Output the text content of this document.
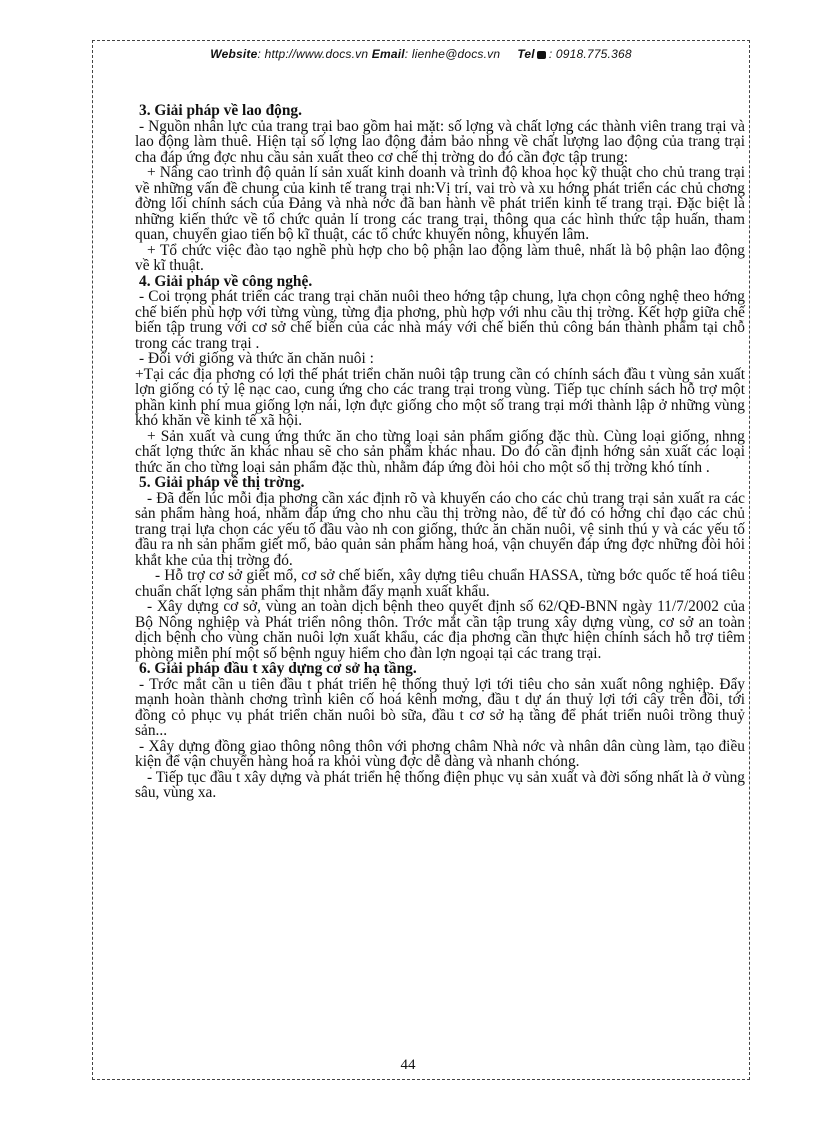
Website: http://www.docs.vn Email: lienhe@docs.vn Tel : 0918.775.368

3. Giải pháp về lao động.

- Nguồn nhân lực của trang trại bao gồm hai mặt: số lợng và chất lợng các thành viên trang trại và lao động làm thuê. Hiện tại số lợng lao động đảm bảo nhng về chất lượng lao động của trang trại cha đáp ứng đợc nhu cầu sản xuất theo cơ chế thị trờng do đó cần đợc tập trung:

+ Nâng cao trình độ quản lí sản xuất kinh doanh và trình độ khoa học kỹ thuật cho chủ trang trại về những vấn đề chung của kinh tế trang trại nh:Vị trí, vai trò và xu hớng phát triển các chủ chơng đờng lối chính sách của Đảng và nhà nớc đã ban hành về phát triển kinh tế trang trại. Đặc biệt là những kiến thức về tổ chức quản lí trong các trang trại, thông qua các hình thức tập huấn, tham quan, chuyển giao tiến bộ kĩ thuật, các tổ chức khuyến nông, khuyến lâm.

+ Tổ chức việc đào tạo nghề phù hợp cho bộ phận lao động làm thuê, nhất là bộ phận lao động về kĩ thuật.

4. Giải pháp về công nghệ.

- Coi trọng phát triển các trang trại chăn nuôi theo hớng tập chung, lựa chọn công nghệ theo hớng chế biến phù hợp với từng vùng, từng địa phơng, phù hợp với nhu cầu thị trờng. Kết hợp giữa chế biến tập trung với cơ sở chế biến của các nhà máy với chế biến thủ công bán thành phẩm tại chỗ trong các trang trại .

- Đối với giống và thức ăn chăn nuôi :

+Tại các địa phơng có lợi thế phát triển chăn nuôi tập trung cần có chính sách đầu t vùng sản xuất lợn giống có tỷ lệ nạc cao, cung ứng cho các trang trại trong vùng. Tiếp tục chính sách hỗ trợ một phần kinh phí mua giống lợn nái, lợn đực giống cho một số trang trại mới thành lập ở những vùng khó khăn về kinh tế xã hội.

+ Sản xuất và cung ứng thức ăn cho từng loại sản phẩm giống đặc thù. Cùng loại giống, nhng chất lợng thức ăn khác nhau sẽ cho sản phẩm khác nhau. Do đó cần định hớng sản xuất các loại thức ăn cho từng loại sản phẩm đặc thù, nhằm đáp ứng đòi hỏi cho một số thị trờng khó tính .

5. Giải pháp về thị trờng.

- Đã đến lúc mỗi địa phơng cần xác định rõ và khuyến cáo cho các chủ trang trại sản xuất ra các sản phẩm hàng hoá, nhằm đáp ứng cho nhu cầu thị trờng nào, để từ đó có hớng chỉ đạo các chủ trang trại lựa chọn các yếu tố đầu vào nh con giống, thức ăn chăn nuôi, vệ sinh thú y và các yếu tố đầu ra nh sản phẩm giết mổ, bảo quản sản phẩm hàng hoá, vận chuyển đáp ứng đợc những đòi hỏi khắt khe của thị trờng đó.

- Hỗ trợ cơ sở giết mổ, cơ sở chế biến, xây dựng tiêu chuẩn HASSA, từng bớc quốc tế hoá tiêu chuẩn chất lợng sản phẩm thịt nhằm đẩy mạnh xuất khẩu.

- Xây dựng cơ sở, vùng an toàn dịch bệnh theo quyết định số 62/QĐ-BNN ngày 11/7/2002 của Bộ Nông nghiệp và Phát triển nông thôn. Trớc mắt cần tập trung xây dựng vùng, cơ sở an toàn dịch bệnh cho vùng chăn nuôi lợn xuất khẩu, các địa phơng cần thực hiện chính sách hỗ trợ tiêm phòng miễn phí một số bệnh nguy hiểm cho đàn lợn ngoại tại các trang trại.

6. Giải pháp đầu t xây dựng cơ sở hạ tầng.

- Trớc mắt cần u tiên đầu t phát triển hệ thống thuỷ lợi tới tiêu cho sản xuất nông nghiệp. Đẩy mạnh hoàn thành chơng trình kiên cố hoá kênh mơng, đầu t dự án thuỷ lợi tới cây trên đồi, tới đồng cỏ phục vụ phát triển chăn nuôi bò sữa, đầu t cơ sở hạ tầng để phát triển nuôi trồng thuỷ sản...

- Xây dựng đồng giao thông nông thôn với phơng châm Nhà nớc và nhân dân cùng làm, tạo điều kiện để vận chuyển hàng hoá ra khỏi vùng đợc dễ dàng và nhanh chóng.

- Tiếp tục đầu t xây dựng và phát triển hệ thống điện phục vụ sản xuất và đời sống nhất là ở vùng sâu, vùng xa.

44
